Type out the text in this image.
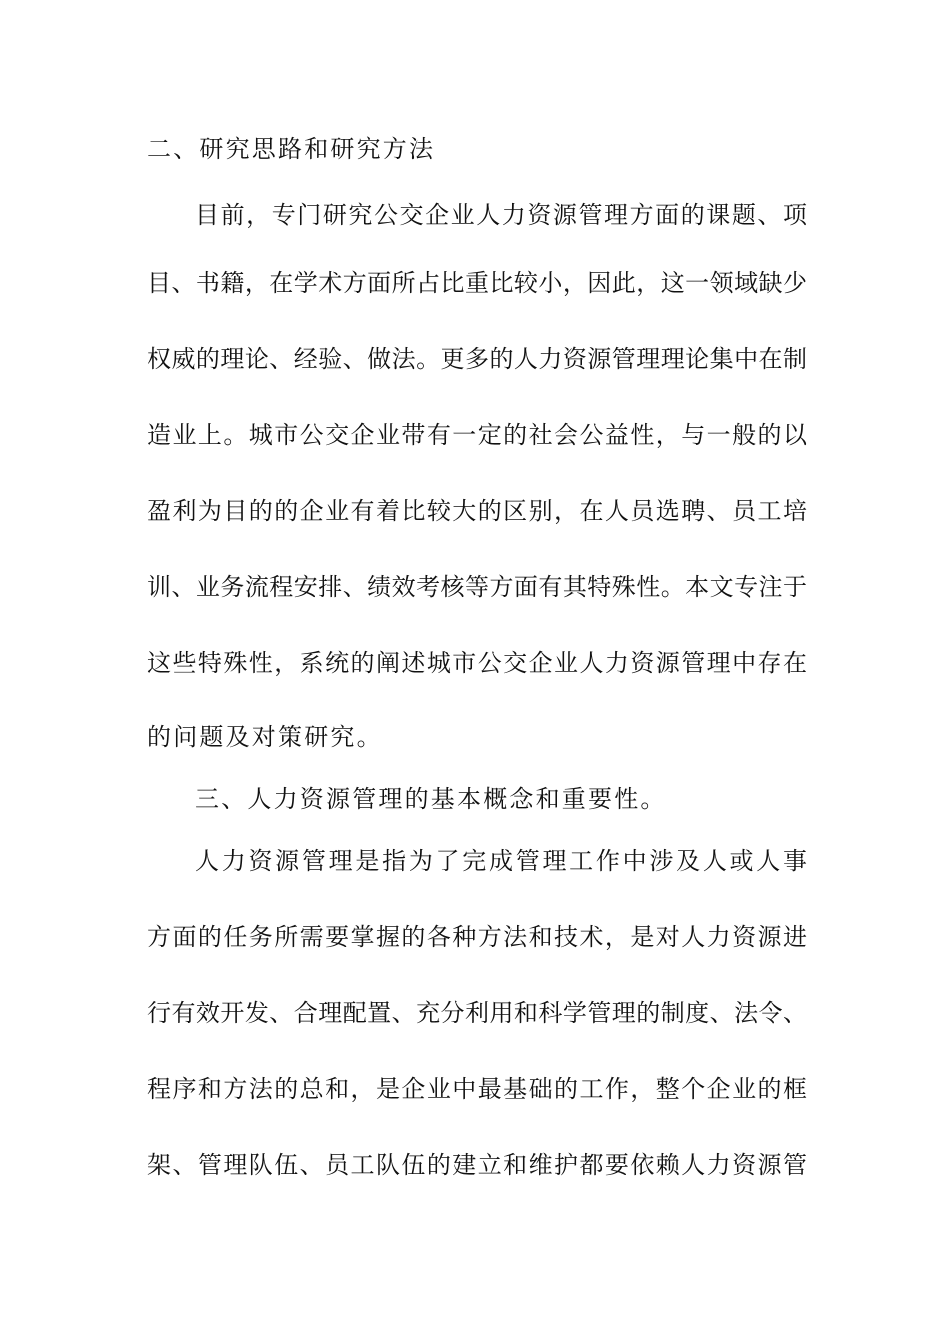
二、研究思路和研究方法
目前，专门研究公交企业人力资源管理方面的课题、项
目、书籍，在学术方面所占比重比较小，因此，这一领域缺少
权威的理论、经验、做法。更多的人力资源管理理论集中在制
造业上。城市公交企业带有一定的社会公益性，与一般的以
盈利为目的的企业有着比较大的区别，在人员选聘、员工培
训、业务流程安排、绩效考核等方面有其特殊性。本文专注于
这些特殊性，系统的阐述城市公交企业人力资源管理中存在
的问题及对策研究。
三、人力资源管理的基本概念和重要性。
人力资源管理是指为了完成管理工作中涉及人或人事
方面的任务所需要掌握的各种方法和技术，是对人力资源进
行有效开发、合理配置、充分利用和科学管理的制度、法令、
程序和方法的总和，是企业中最基础的工作，整个企业的框
架、管理队伍、员工队伍的建立和维护都要依赖人力资源管
